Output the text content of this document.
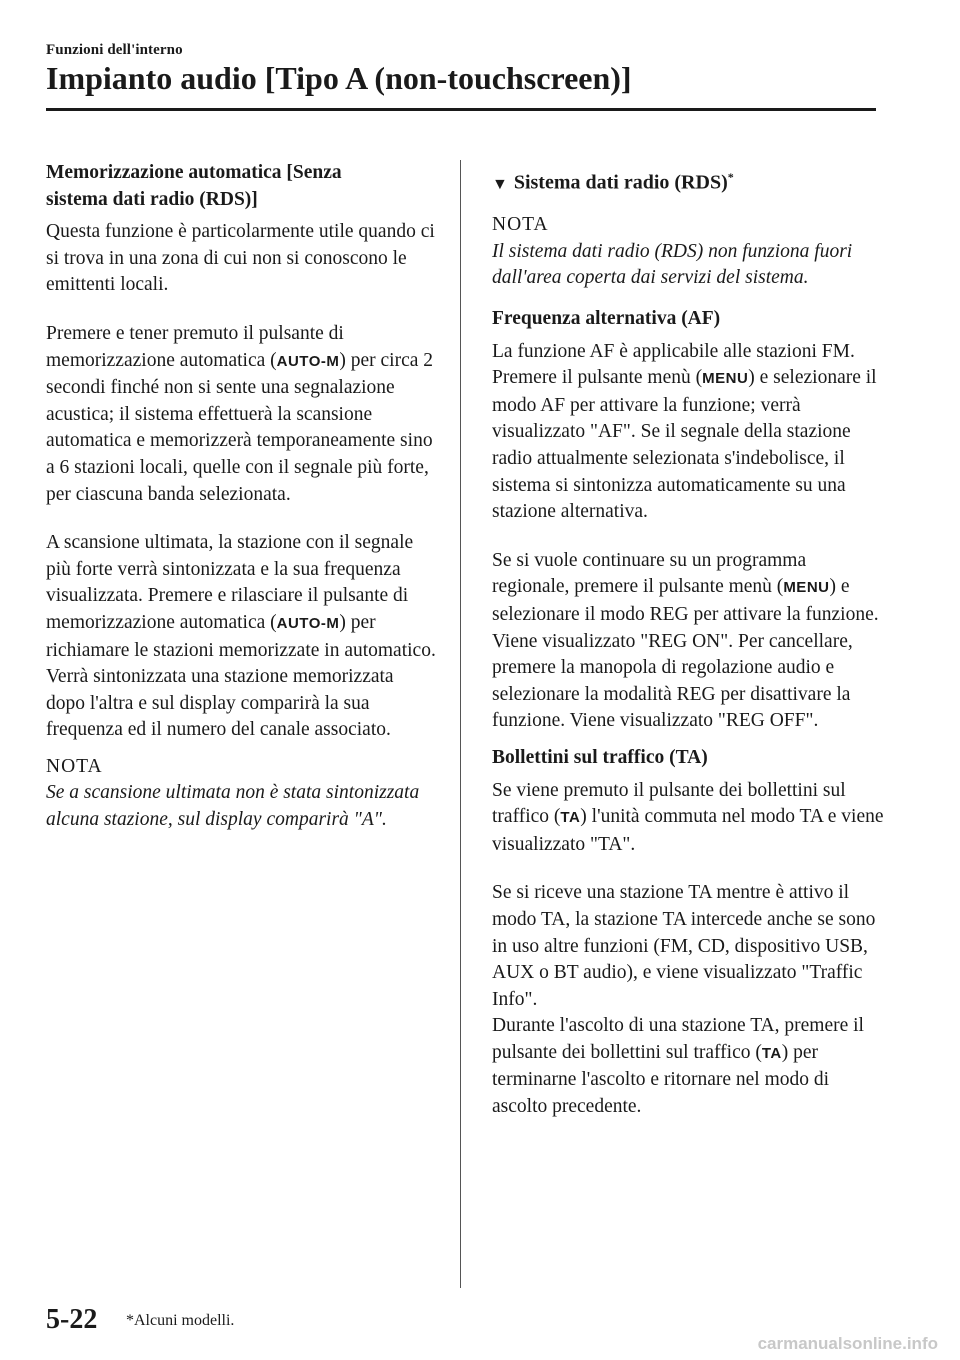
Funzioni dell'interno
Impianto audio [Tipo A (non-touchscreen)]
Memorizzazione automatica [Senza
sistema dati radio (RDS)]

Questa funzione è particolarmente utile quando ci si trova in una zona di cui non si conoscono le emittenti locali.

Premere e tener premuto il pulsante di memorizzazione automatica (AUTO-M) per circa 2 secondi finché non si sente una segnalazione acustica; il sistema effettuerà la scansione automatica e memorizzerà temporaneamente sino a 6 stazioni locali, quelle con il segnale più forte, per ciascuna banda selezionata.

A scansione ultimata, la stazione con il segnale più forte verrà sintonizzata e la sua frequenza visualizzata. Premere e rilasciare il pulsante di memorizzazione automatica (AUTO-M) per richiamare le stazioni memorizzate in automatico. Verrà sintonizzata una stazione memorizzata dopo l'altra e sul display comparirà la sua frequenza ed il numero del canale associato.

NOTA
Se a scansione ultimata non è stata sintonizzata alcuna stazione, sul display comparirà "A".
▼ Sistema dati radio (RDS)*
NOTA
Il sistema dati radio (RDS) non funziona fuori dall'area coperta dai servizi del sistema.
Frequenza alternativa (AF)

La funzione AF è applicabile alle stazioni FM. Premere il pulsante menù (MENU) e selezionare il modo AF per attivare la funzione; verrà visualizzato "AF". Se il segnale della stazione radio attualmente selezionata s'indebolisce, il sistema si sintonizza automaticamente su una stazione alternativa.

Se si vuole continuare su un programma regionale, premere il pulsante menù (MENU) e selezionare il modo REG per attivare la funzione. Viene visualizzato "REG ON". Per cancellare, premere la manopola di regolazione audio e selezionare la modalità REG per disattivare la funzione. Viene visualizzato "REG OFF".

Bollettini sul traffico (TA)

Se viene premuto il pulsante dei bollettini sul traffico (TA) l'unità commuta nel modo TA e viene visualizzato "TA".

Se si riceve una stazione TA mentre è attivo il modo TA, la stazione TA intercede anche se sono in uso altre funzioni (FM, CD, dispositivo USB, AUX o BT audio), e viene visualizzato "Traffic Info".

Durante l'ascolto di una stazione TA, premere il pulsante dei bollettini sul traffico (TA) per terminarne l'ascolto e ritornare nel modo di ascolto precedente.

5-22 *Alcuni modelli.
carmanualsonline.info
